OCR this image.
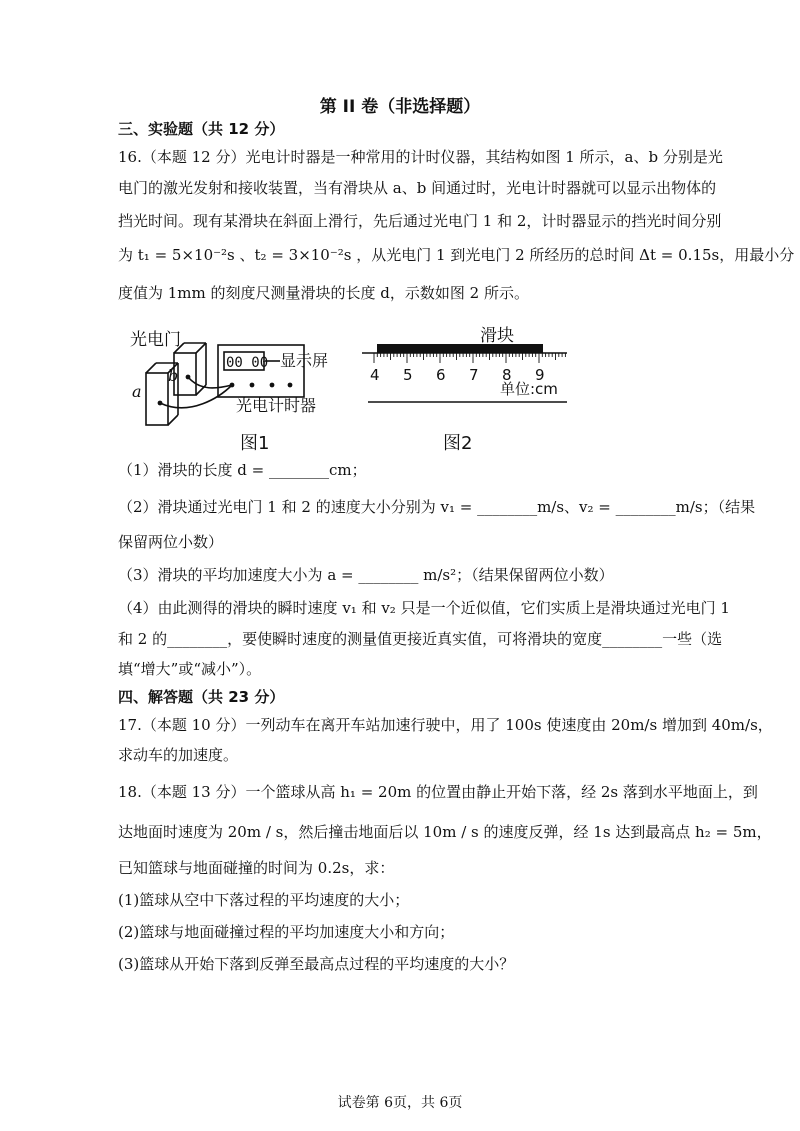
第 II 卷（非选择题）
三、实验题（共 12 分）
16.（本题 12 分）光电计时器是一种常用的计时仪器，其结构如图 1 所示，a、b 分别是光
电门的激光发射和接收装置，当有滑块从 a、b 间通过时，光电计时器就可以显示出物体的
挡光时间。现有某滑块在斜面上滑行，先后通过光电门 1 和 2，计时器显示的挡光时间分别
为 t₁ = 5×10⁻²s 、t₂ = 3×10⁻²s ，从光电门 1 到光电门 2 所经历的总时间 Δt = 0.15s，用最小分
度值为 1mm 的刻度尺测量滑块的长度 d，示数如图 2 所示。
光电门
00 00 显示屏
光电计时器
a
b
图1
滑块
4 5 6 7 8 9
单位:cm
图2
（1）滑块的长度 d = ________cm；
（2）滑块通过光电门 1 和 2 的速度大小分别为 v₁ = ________m/s、v₂ = ________m/s；（结果
保留两位小数）
（3）滑块的平均加速度大小为 a = ________ m/s²；（结果保留两位小数）
（4）由此测得的滑块的瞬时速度 v₁ 和 v₂ 只是一个近似值，它们实质上是滑块通过光电门 1
和 2 的________，要使瞬时速度的测量值更接近真实值，可将滑块的宽度________一些（选
填“增大”或“减小”）。
四、解答题（共 23 分）
17.（本题 10 分）一列动车在离开车站加速行驶中，用了 100s 使速度由 20m/s 增加到 40m/s，
求动车的加速度。
18.（本题 13 分）一个篮球从高 h₁ = 20m 的位置由静止开始下落，经 2s 落到水平地面上，到
达地面时速度为 20m / s，然后撞击地面后以 10m / s 的速度反弹，经 1s 达到最高点 h₂ = 5m，
已知篮球与地面碰撞的时间为 0.2s，求：
(1)篮球从空中下落过程的平均速度的大小；
(2)篮球与地面碰撞过程的平均加速度大小和方向；
(3)篮球从开始下落到反弹至最高点过程的平均速度的大小？
试卷第 6页，共 6页
